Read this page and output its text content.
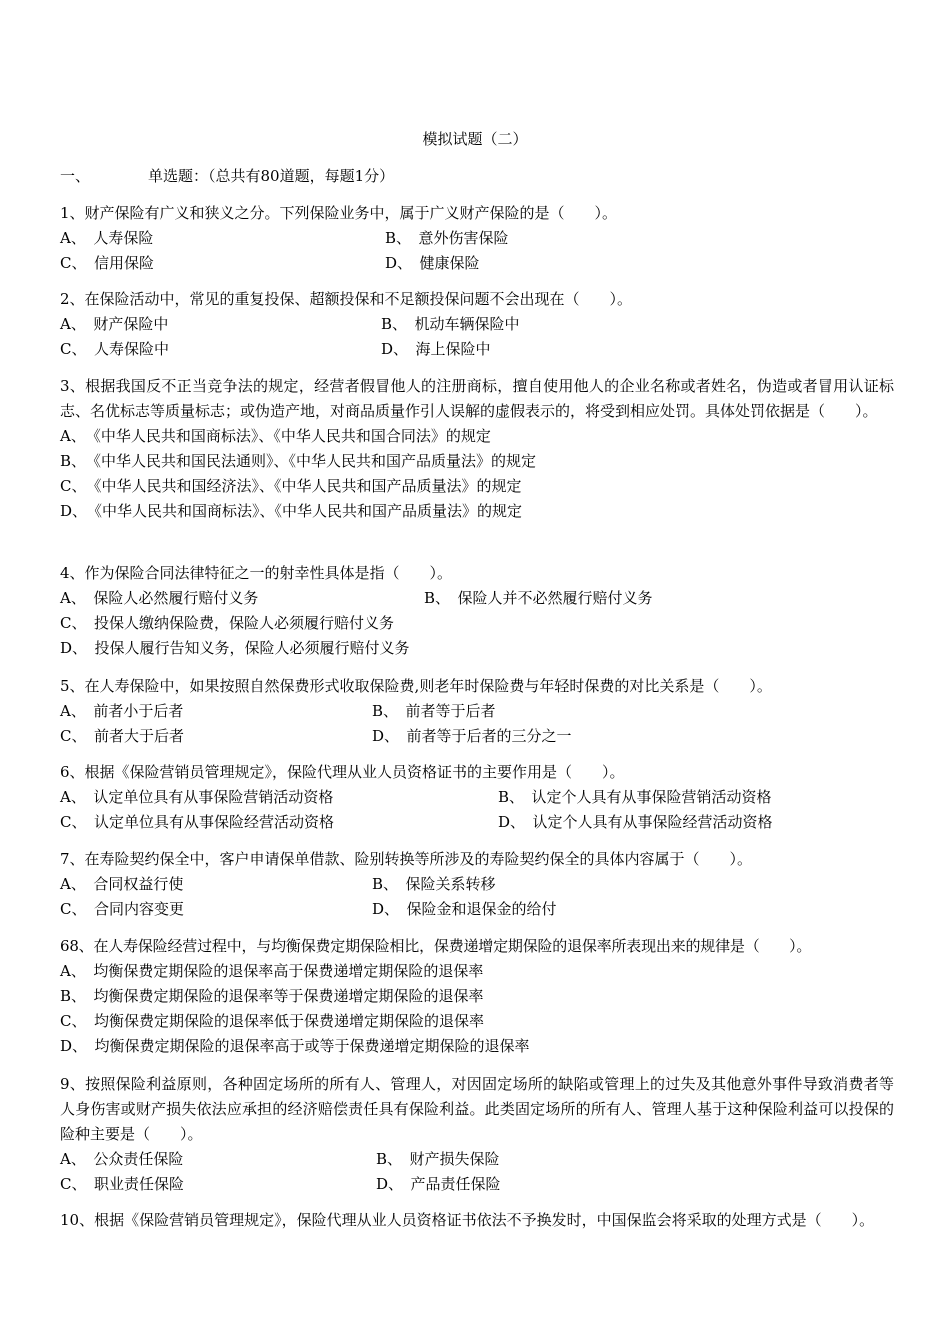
模拟试题（二）
一、	单选题：（总共有80道题，每题1分）
1、财产保险有广义和狭义之分。下列保险业务中，属于广义财产保险的是（　　）。
A、　人寿保险	B、　意外伤害保险
C、　信用保险	D、　健康保险
2、在保险活动中，常见的重复投保、超额投保和不足额投保问题不会出现在（　　）。
A、　财产保险中	B、　机动车辆保险中
C、　人寿保险中	D、　海上保险中
3、根据我国反不正当竞争法的规定，经营者假冒他人的注册商标，擅自使用他人的企业名称或者姓名，伪造或者冒用认证标志、名优标志等质量标志；或伪造产地，对商品质量作引人误解的虚假表示的，将受到相应处罚。具体处罚依据是（　　）。
A、　《中华人民共和国商标法》、《中华人民共和国合同法》的规定
B、　《中华人民共和国民法通则》、《中华人民共和国产品质量法》的规定
C、　《中华人民共和国经济法》、《中华人民共和国产品质量法》的规定
D、　《中华人民共和国商标法》、《中华人民共和国产品质量法》的规定
4、作为保险合同法律特征之一的射幸性具体是指（　　）。
A、　保险人必然履行赔付义务	B、　保险人并不必然履行赔付义务
C、　投保人缴纳保险费，保险人必须履行赔付义务
D、　投保人履行告知义务，保险人必须履行赔付义务
5、在人寿保险中，如果按照自然保费形式收取保险费,则老年时保险费与年轻时保费的对比关系是（　　）。
A、　前者小于后者	B、　前者等于后者
C、　前者大于后者	D、　前者等于后者的三分之一
6、根据《保险营销员管理规定》，保险代理从业人员资格证书的主要作用是（　　）。
A、　认定单位具有从事保险营销活动资格	B、　认定个人具有从事保险营销活动资格
C、　认定单位具有从事保险经营活动资格	D、　认定个人具有从事保险经营活动资格
7、在寿险契约保全中，客户申请保单借款、险别转换等所涉及的寿险契约保全的具体内容属于（　　）。
A、　合同权益行使	B、　保险关系转移
C、　合同内容变更	D、　保险金和退保金的给付
68、在人寿保险经营过程中，与均衡保费定期保险相比，保费递增定期保险的退保率所表现出来的规律是（　　）。
A、　均衡保费定期保险的退保率高于保费递增定期保险的退保率
B、　均衡保费定期保险的退保率等于保费递增定期保险的退保率
C、　均衡保费定期保险的退保率低于保费递增定期保险的退保率
D、　均衡保费定期保险的退保率高于或等于保费递增定期保险的退保率
9、按照保险利益原则，各种固定场所的所有人、管理人，对因固定场所的缺陷或管理上的过失及其他意外事件导致消费者等人身伤害或财产损失依法应承担的经济赔偿责任具有保险利益。此类固定场所的所有人、管理人基于这种保险利益可以投保的险种主要是（　　）。
A、　公众责任保险	B、　财产损失保险
C、　职业责任保险	D、　产品责任保险
10、根据《保险营销员管理规定》，保险代理从业人员资格证书依法不予换发时，中国保监会将采取的处理方式是（　　）。
